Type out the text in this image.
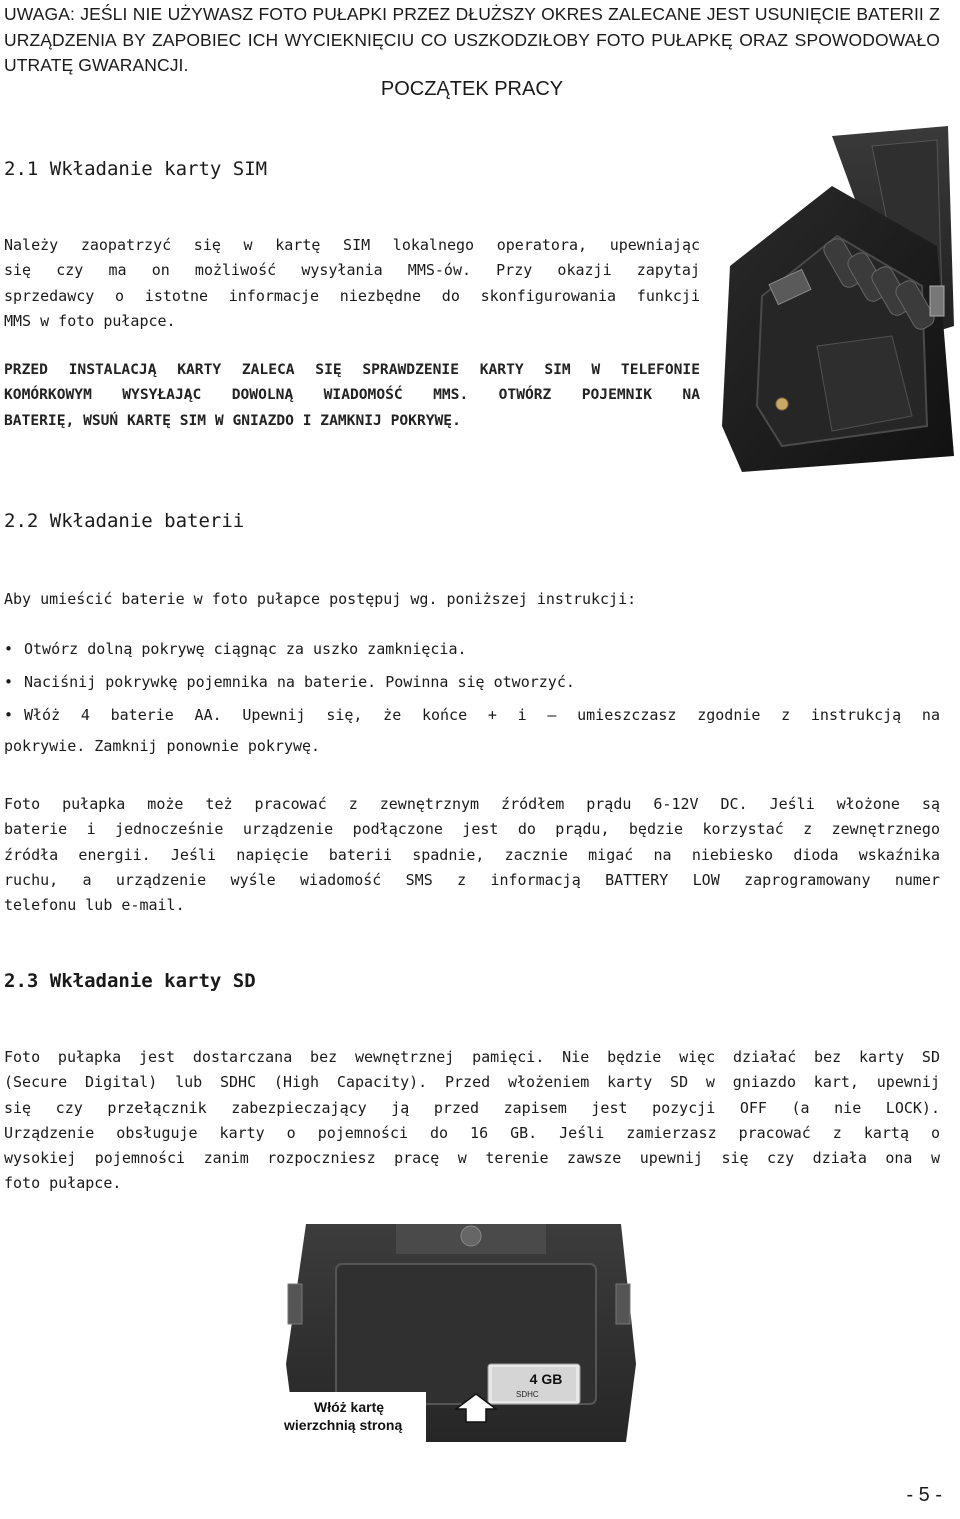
UWAGA: JEŚLI NIE UŻYWASZ FOTO PUŁAPKI PRZEZ DŁUŻSZY OKRES ZALECANE JEST USUNIĘCIE BATERII Z
URZĄDZENIA BY ZAPOBIEC ICH WYCIEKNIĘCIU CO USZKODZIŁOBY FOTO PUŁAPKĘ ORAZ SPOWODOWAŁO
UTRATĘ GWARANCJI.
POCZĄTEK PRACY
2.1 Wkładanie karty SIM
Należy zaopatrzyć się w kartę SIM lokalnego operatora, upewniając
się czy ma on możliwość wysyłania MMS-ów. Przy okazji zapytaj
sprzedawcy o istotne informacje niezbędne do skonfigurowania funkcji
MMS w foto pułapce.
PRZED INSTALACJĄ KARTY ZALECA SIĘ SPRAWDZENIE KARTY SIM W TELEFONIE
KOMÓRKOWYM WYSYŁAJĄC DOWOLNĄ WIADOMOŚĆ MMS. OTWÓRZ POJEMNIK NA
BATERIĘ, WSUŃ KARTĘ SIM W GNIAZDO I ZAMKNIJ POKRYWĘ.
2.2 Wkładanie baterii
Aby umieścić baterie w foto pułapce postępuj wg. poniższej instrukcji:
• Otwórz dolną pokrywę ciągnąc za uszko zamknięcia.
• Naciśnij pokrywkę pojemnika na baterie. Powinna się otworzyć.
• Włóż 4 baterie AA. Upewnij się, że końce + i – umieszczasz zgodnie z instrukcją na
pokrywie. Zamknij ponownie pokrywę.
Foto pułapka może też pracować z zewnętrznym źródłem prądu 6-12V DC. Jeśli włożone są
baterie i jednocześnie urządzenie podłączone jest do prądu, będzie korzystać z zewnętrznego
źródła energii. Jeśli napięcie baterii spadnie, zacznie migać na niebiesko dioda wskaźnika
ruchu, a urządzenie wyśle wiadomość SMS z informacją BATTERY LOW zaprogramowany numer
telefonu lub e-mail.
2.3 Wkładanie karty SD
Foto pułapka jest dostarczana bez wewnętrznej pamięci. Nie będzie więc działać bez karty SD
(Secure Digital) lub SDHC (High Capacity). Przed włożeniem karty SD w gniazdo kart, upewnij
się czy przełącznik zabezpieczający ją przed zapisem jest pozycji OFF (a nie LOCK).
Urządzenie obsługuje karty o pojemności do 16 GB. Jeśli zamierzasz pracować z kartą o
wysokiej pojemności zanim rozpoczniesz pracę w terenie zawsze upewnij się czy działa ona w
foto pułapce.
4 GB
SDHC
Włóż kartę
wierzchnią stroną
- 5 -
